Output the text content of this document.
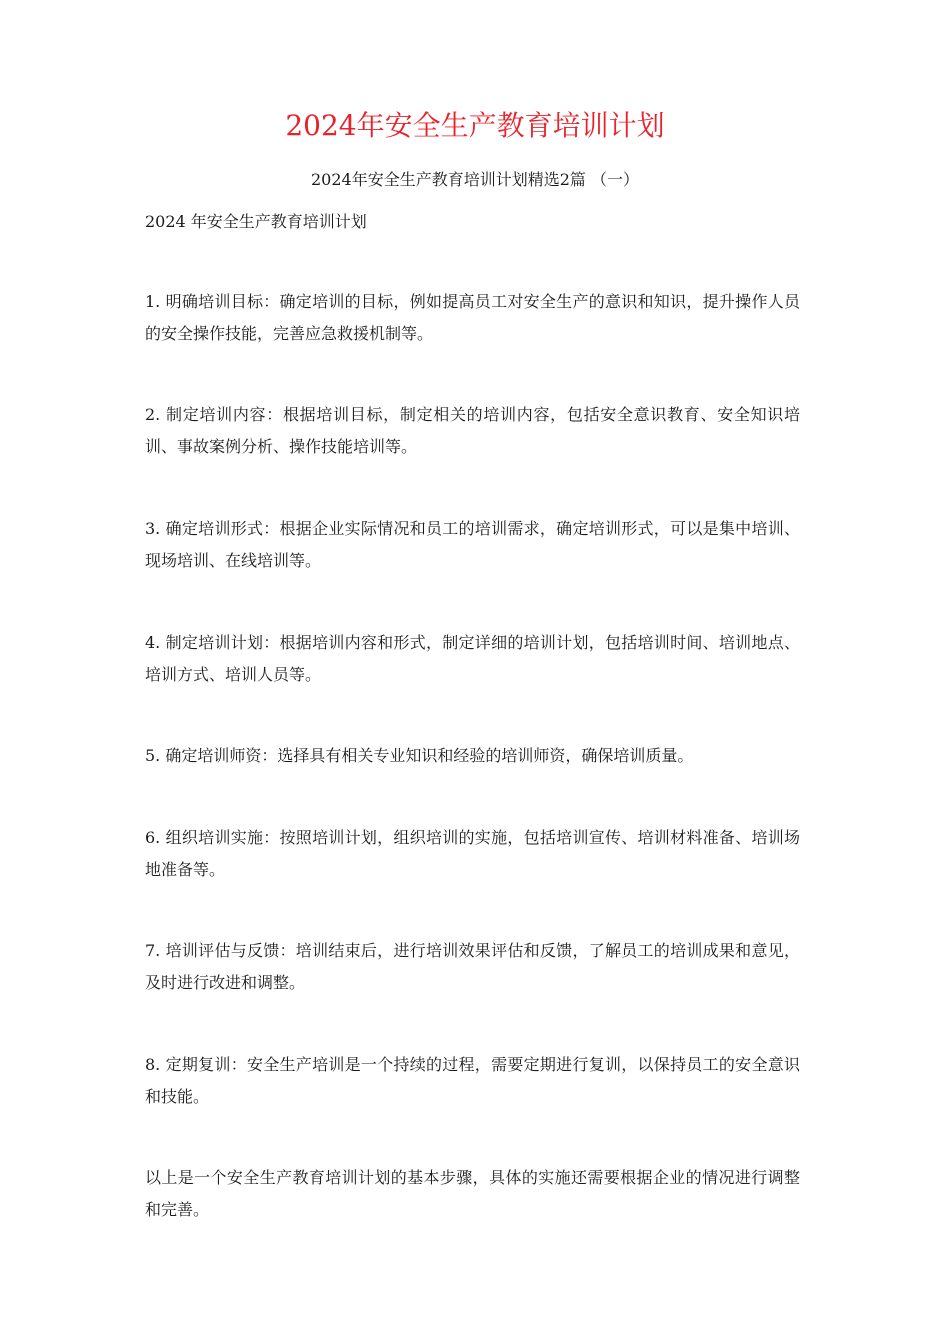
2024年安全生产教育培训计划

2024年安全生产教育培训计划精选2篇 （一）

2024 年安全生产教育培训计划

1. 明确培训目标：确定培训的目标，例如提高员工对安全生产的意识和知识，提升操作人员的安全操作技能，完善应急救援机制等。

2. 制定培训内容：根据培训目标，制定相关的培训内容，包括安全意识教育、安全知识培训、事故案例分析、操作技能培训等。

3. 确定培训形式：根据企业实际情况和员工的培训需求，确定培训形式，可以是集中培训、现场培训、在线培训等。

4. 制定培训计划：根据培训内容和形式，制定详细的培训计划，包括培训时间、培训地点、培训方式、培训人员等。

5. 确定培训师资：选择具有相关专业知识和经验的培训师资，确保培训质量。

6. 组织培训实施：按照培训计划，组织培训的实施，包括培训宣传、培训材料准备、培训场地准备等。

7. 培训评估与反馈：培训结束后，进行培训效果评估和反馈，了解员工的培训成果和意见，及时进行改进和调整。

8. 定期复训：安全生产培训是一个持续的过程，需要定期进行复训，以保持员工的安全意识和技能。

以上是一个安全生产教育培训计划的基本步骤，具体的实施还需要根据企业的情况进行调整和完善。
